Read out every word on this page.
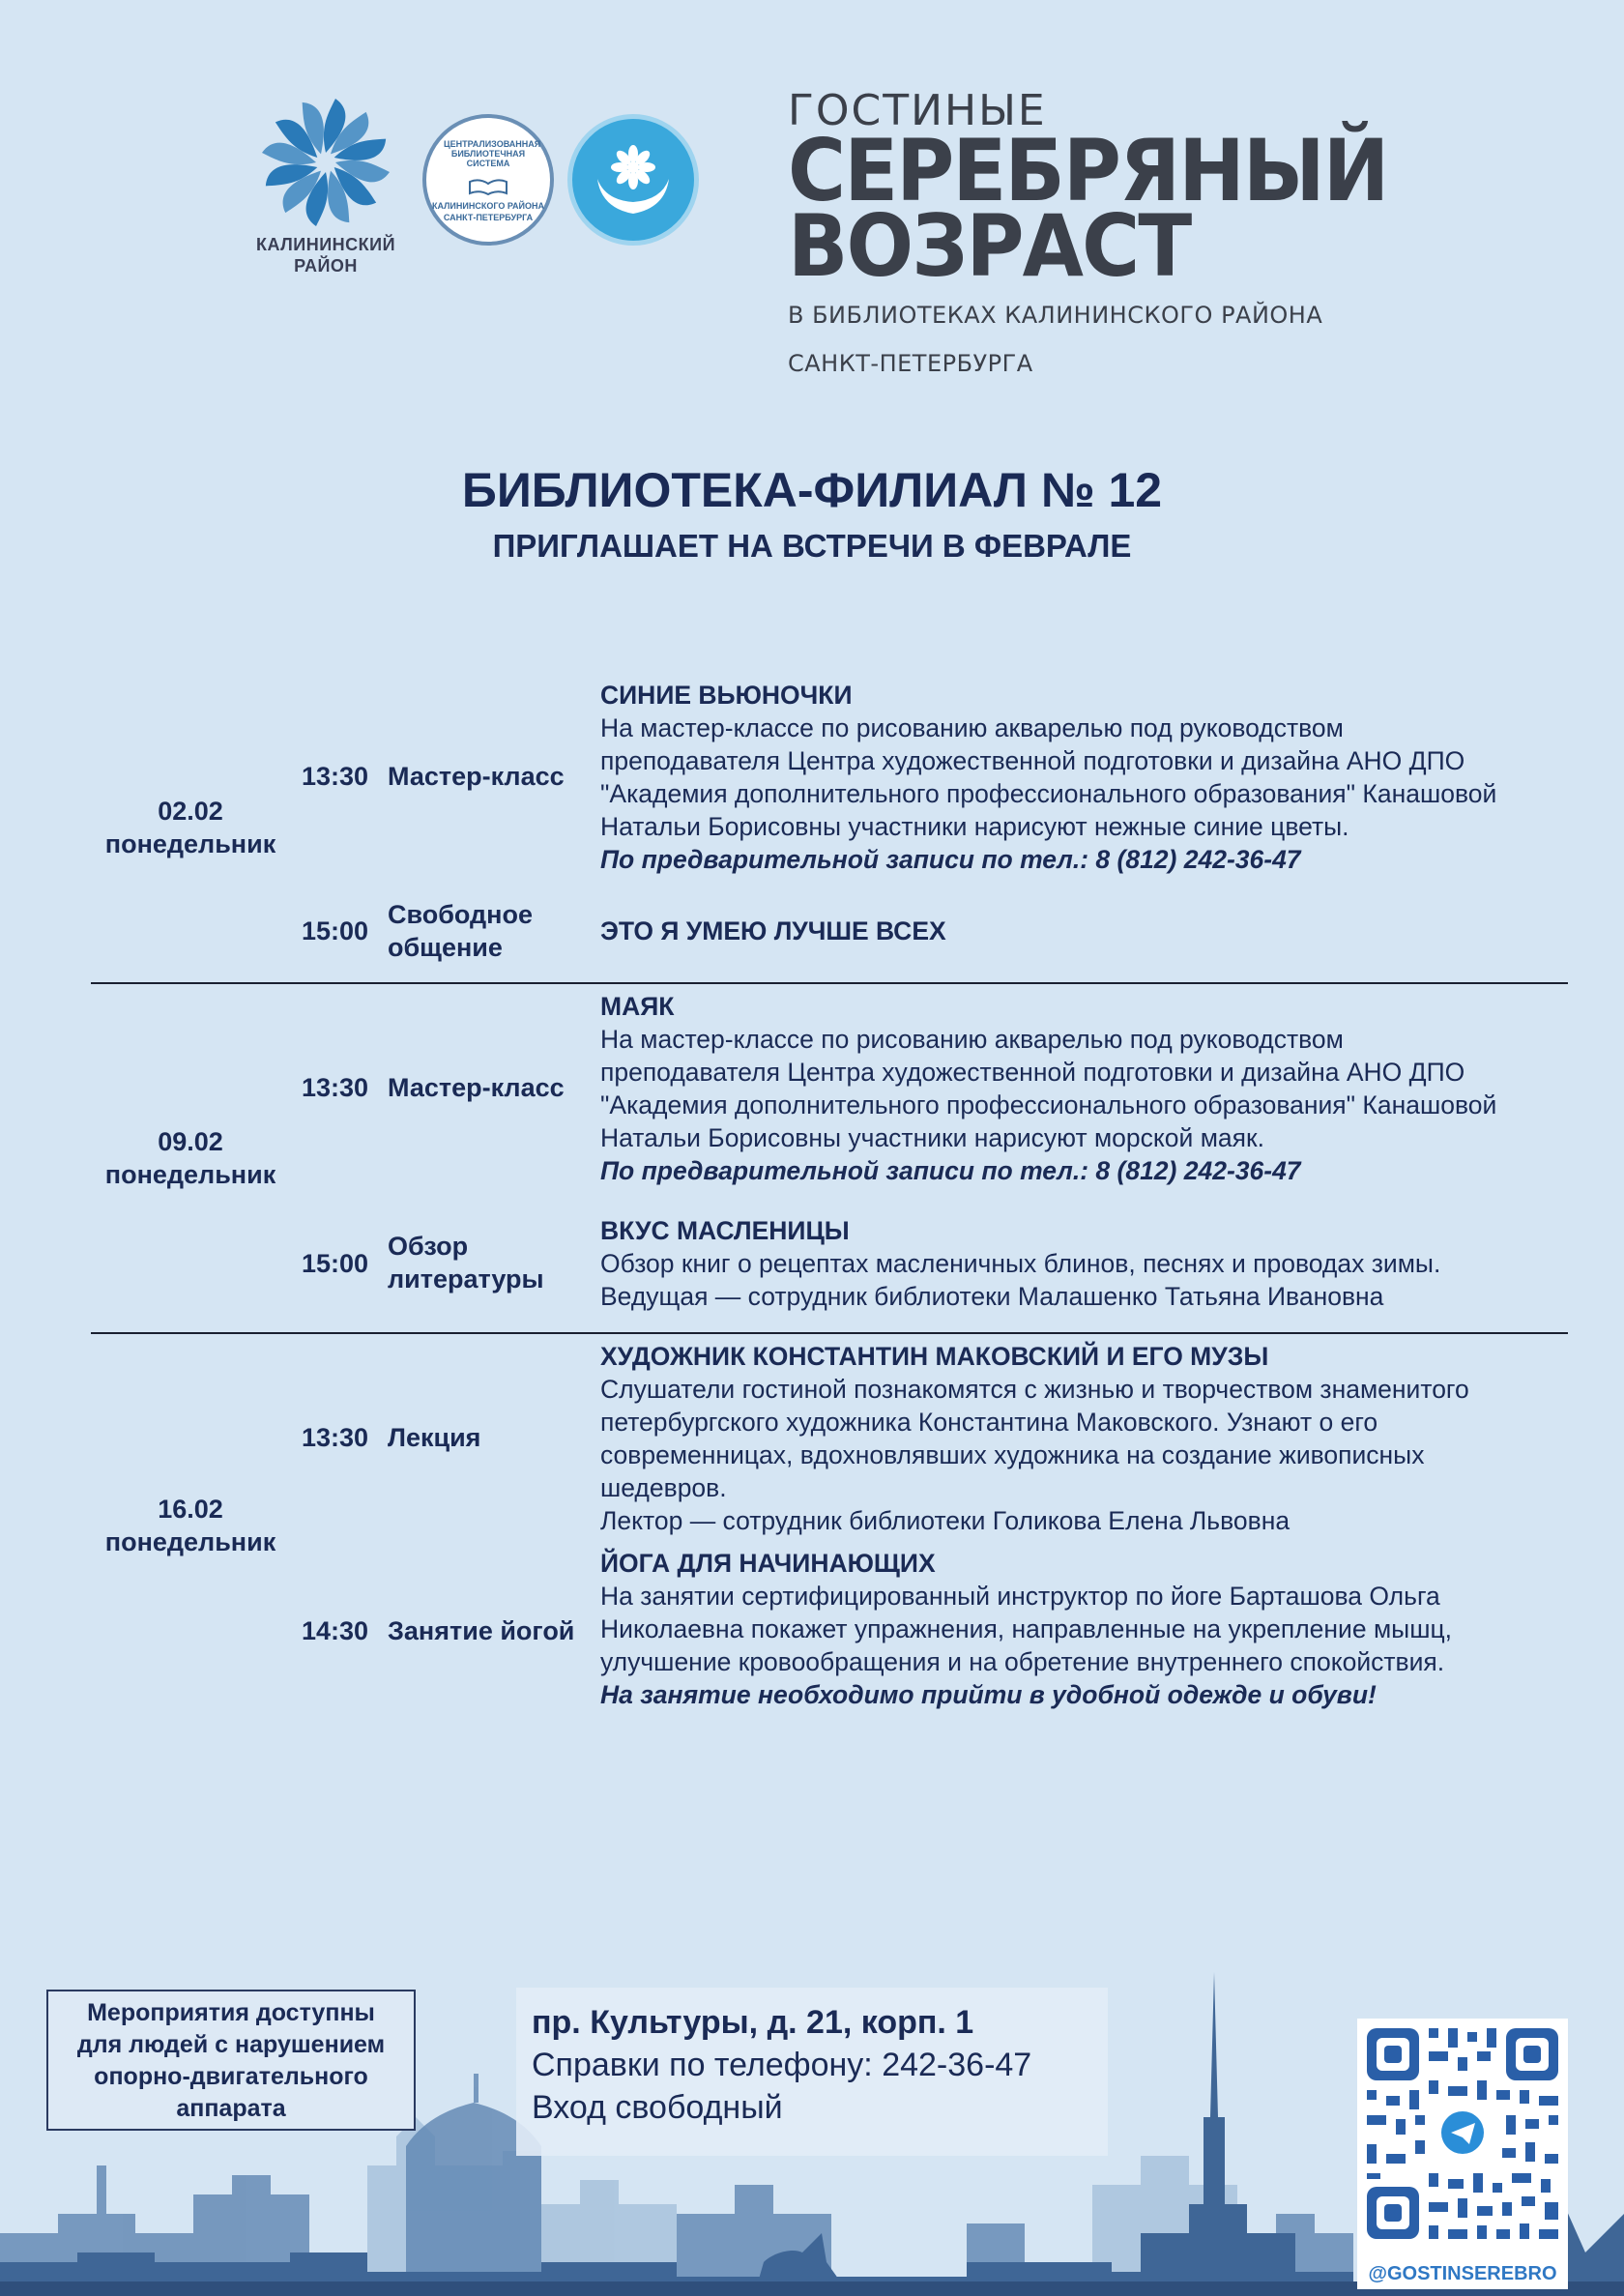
КАЛИНИНСКИЙ
РАЙОН
ЦЕНТРАЛИЗОВАННАЯ БИБЛИОТЕЧНАЯ СИСТЕМА
КАЛИНИНСКОГО РАЙОНА
САНКТ-ПЕТЕРБУРГА
ГОСТИНЫЕ
СЕРЕБРЯНЫЙ
ВОЗРАСТ
В БИБЛИОТЕКАХ КАЛИНИНСКОГО РАЙОНА
САНКТ-ПЕТЕРБУРГА
БИБЛИОТЕКА-ФИЛИАЛ № 12
ПРИГЛАШАЕТ НА ВСТРЕЧИ В ФЕВРАЛЕ
02.02
понедельник
13:30 Мастер-класс
СИНИЕ ВЬЮНОЧКИ
На мастер-классе по рисованию акварелью под руководством
преподавателя Центра художественной подготовки и дизайна АНО ДПО
"Академия дополнительного профессионального образования" Канашовой
Натальи Борисовны участники нарисуют нежные синие цветы.
По предварительной записи по тел.: 8 (812) 242-36-47
15:00
Свободное
общение
ЭТО Я УМЕЮ ЛУЧШЕ ВСЕХ
09.02
понедельник
13:30 Мастер-класс
МАЯК
На мастер-классе по рисованию акварелью под руководством
преподавателя Центра художественной подготовки и дизайна АНО ДПО
"Академия дополнительного профессионального образования" Канашовой
Натальи Борисовны участники нарисуют морской маяк.
По предварительной записи по тел.: 8 (812) 242-36-47
15:00
Обзор
литературы
ВКУС МАСЛЕНИЦЫ
Обзор книг о рецептах масленичных блинов, песнях и проводах зимы.
Ведущая — сотрудник библиотеки Малашенко Татьяна Ивановна
16.02
понедельник
13:30 Лекция
ХУДОЖНИК КОНСТАНТИН МАКОВСКИЙ И ЕГО МУЗЫ
Слушатели гостиной познакомятся с жизнью и творчеством знаменитого
петербургского художника Константина Маковского. Узнают о его
современницах, вдохновлявших художника на создание живописных
шедевров.
Лектор — сотрудник библиотеки Голикова Елена Львовна
14:30 Занятие йогой
ЙОГА ДЛЯ НАЧИНАЮЩИХ
На занятии сертифицированный инструктор по йоге Барташова Ольга
Николаевна покажет упражнения, направленные на укрепление мышц,
улучшение кровообращения и на обретение внутреннего спокойствия.
На занятие необходимо прийти в удобной одежде и обуви!
Мероприятия доступны
для людей с нарушением
опорно-двигательного
аппарата
пр. Культуры, д. 21, корп. 1
Справки по телефону: 242-36-47
Вход свободный
@GOSTINSEREBRO
